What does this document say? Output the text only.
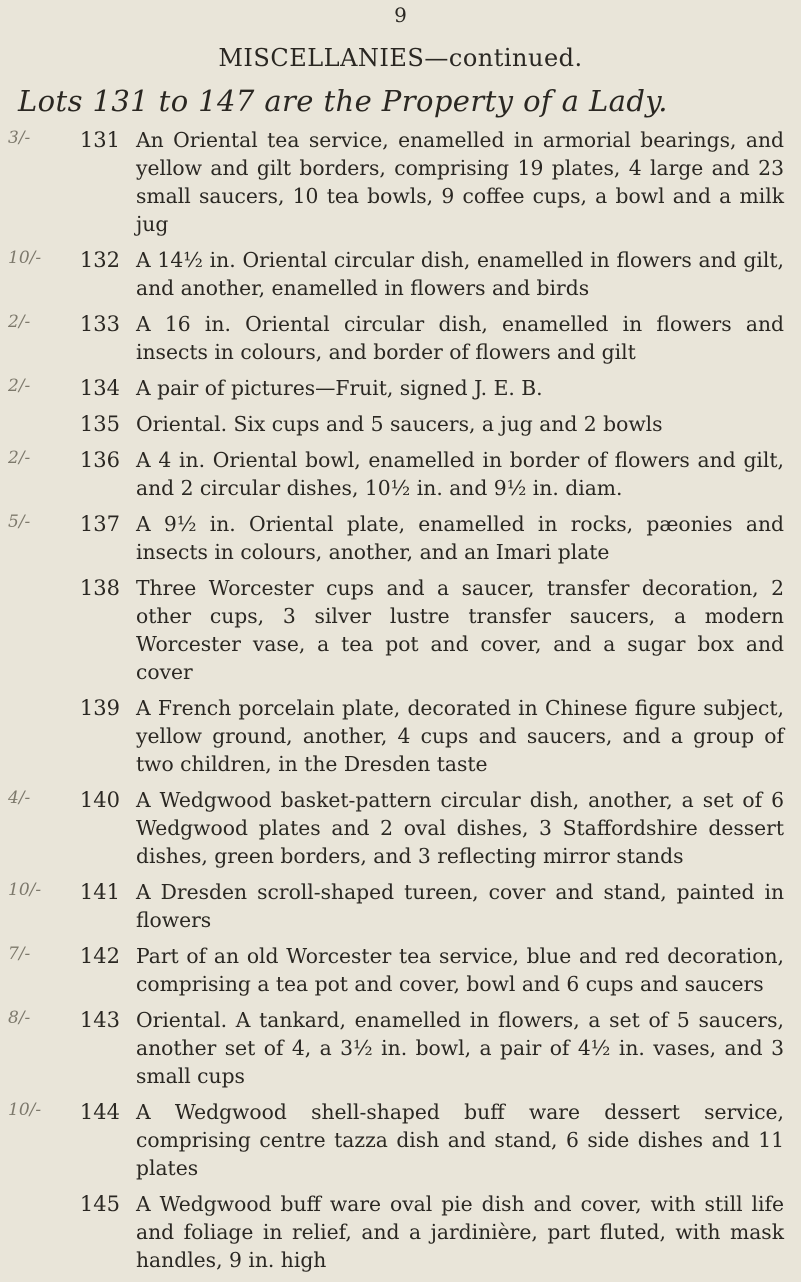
9
MISCELLANIES—continued.
Lots 131 to 147 are the Property of a Lady.
3/-	131 An Oriental tea service, enamelled in armorial bearings, and yellow and gilt borders, comprising 19 plates, 4 large and 23 small saucers, 10 tea bowls, 9 coffee cups, a bowl and a milk jug
10/-	132 A 14½ in. Oriental circular dish, enamelled in flowers and gilt, and another, enamelled in flowers and birds
2/-	133 A 16 in. Oriental circular dish, enamelled in flowers and insects in colours, and border of flowers and gilt
2/-	134 A pair of pictures—Fruit, signed J. E. B.
135 Oriental. Six cups and 5 saucers, a jug and 2 bowls
2/-	136 A 4 in. Oriental bowl, enamelled in border of flowers and gilt, and 2 circular dishes, 10½ in. and 9½ in. diam.
5/-	137 A 9½ in. Oriental plate, enamelled in rocks, pæonies and insects in colours, another, and an Imari plate
138 Three Worcester cups and a saucer, transfer decoration, 2 other cups, 3 silver lustre transfer saucers, a modern Worcester vase, a tea pot and cover, and a sugar box and cover
139 A French porcelain plate, decorated in Chinese figure subject, yellow ground, another, 4 cups and saucers, and a group of two children, in the Dresden taste
4/-	140 A Wedgwood basket-pattern circular dish, another, a set of 6 Wedgwood plates and 2 oval dishes, 3 Staffordshire dessert dishes, green borders, and 3 reflecting mirror stands
10/-	141 A Dresden scroll-shaped tureen, cover and stand, painted in flowers
7/-	142 Part of an old Worcester tea service, blue and red decoration, comprising a tea pot and cover, bowl and 6 cups and saucers
8/-	143 Oriental. A tankard, enamelled in flowers, a set of 5 saucers, another set of 4, a 3½ in. bowl, a pair of 4½ in. vases, and 3 small cups
10/-	144 A Wedgwood shell-shaped buff ware dessert service, comprising centre tazza dish and stand, 6 side dishes and 11 plates
145 A Wedgwood buff ware oval pie dish and cover, with still life and foliage in relief, and a jardinière, part fluted, with mask handles, 9 in. high
